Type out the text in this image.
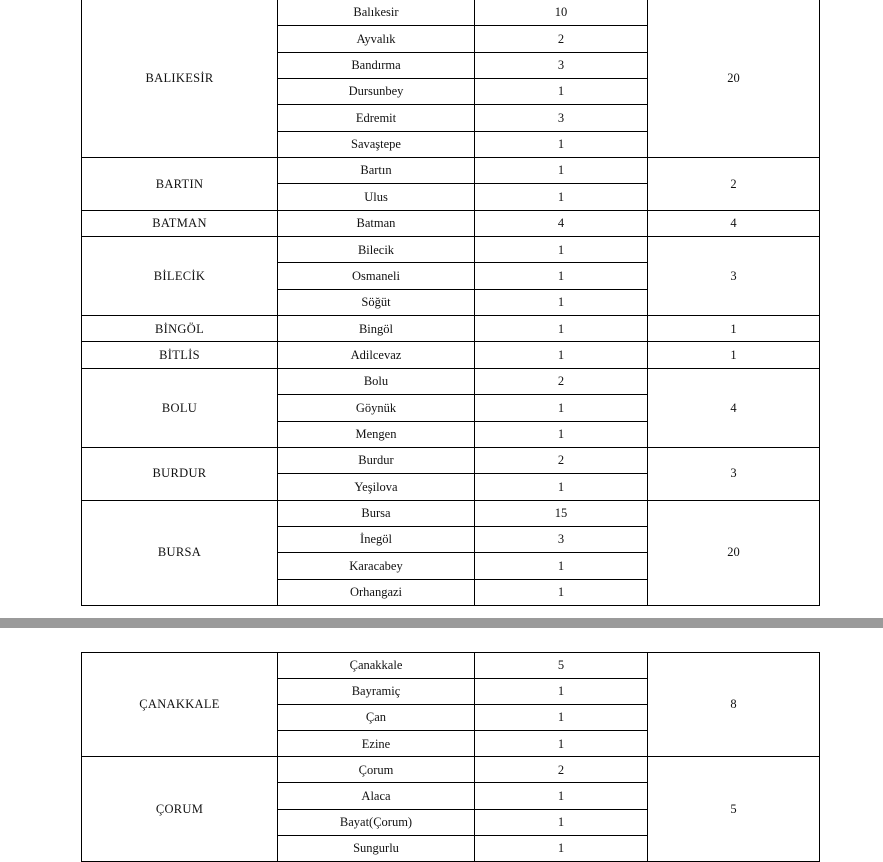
BALIKESİR	Balıkesir	10	20
	Ayvalık	2	
	Bandırma	3	
	Dursunbey	1	
	Edremit	3	
	Savaştepe	1	
BARTIN	Bartın	1	2
	Ulus	1	
BATMAN	Batman	4	4
BİLECİK	Bilecik	1	3
	Osmaneli	1	
	Söğüt	1	
BİNGÖL	Bingöl	1	1
BİTLİS	Adilcevaz	1	1
BOLU	Bolu	2	4
	Göynük	1	
	Mengen	1	
BURDUR	Burdur	2	3
	Yeşilova	1	
BURSA	Bursa	15	20
	İnegöl	3	
	Karacabey	1	
	Orhangazi	1	
ÇANAKKALE	Çanakkale	5	8
	Bayramiç	1	
	Çan	1	
	Ezine	1	
ÇORUM	Çorum	2	5
	Alaca	1	
	Bayat(Çorum)	1	
	Sungurlu	1	
